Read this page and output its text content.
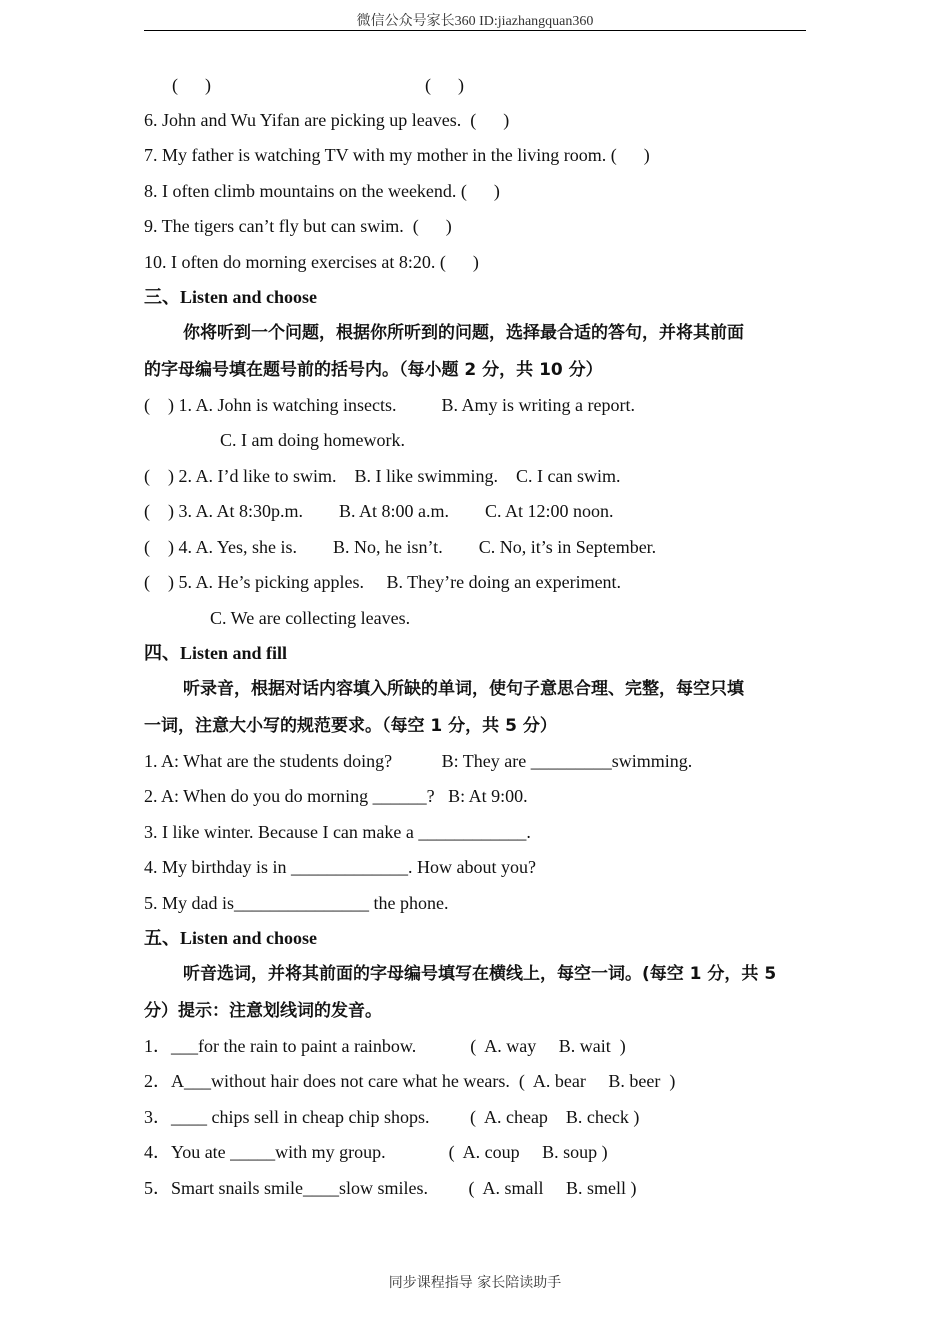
微信公众号家长360 ID:jiazhangquan360
(      )	(      )
6. John and Wu Yifan are picking up leaves.  (      )
7. My father is watching TV with my mother in the living room. (      )
8. I often climb mountains on the weekend. (      )
9. The tigers can’t fly but can swim.  (      )
10. I often do morning exercises at 8:20. (      )
三、Listen and choose
你将听到一个问题，根据你所听到的问题，选择最合适的答句，并将其前面
的字母编号填在题号前的括号内。（每小题 2 分，共 10 分）
(    ) 1. A. John is watching insects.          B. Amy is writing a report.
C. I am doing homework.
(    ) 2. A. I’d like to swim.    B. I like swimming.    C. I can swim.
(    ) 3. A. At 8:30p.m.        B. At 8:00 a.m.        C. At 12:00 noon.
(    ) 4. A. Yes, she is.        B. No, he isn’t.        C. No, it’s in September.
(    ) 5. A. He’s picking apples.     B. They’re doing an experiment.
C. We are collecting leaves.
四、Listen and fill
听录音，根据对话内容填入所缺的单词，使句子意思合理、完整，每空只填
一词，注意大小写的规范要求。（每空 1 分，共 5 分）
1. A: What are the students doing?           B: They are _________swimming.
2. A: When do you do morning ______?   B: At 9:00.
3. I like winter. Because I can make a ____________.
4. My birthday is in _____________. How about you?
5. My dad is_______________ the phone.
五、Listen and choose
听音选词，并将其前面的字母编号填写在横线上，每空一词。(每空 1 分，共 5
分）提示：注意划线词的发音。
1．___for the rain to paint a rainbow.            (  A. way     B. wait  )
2．A___without hair does not care what he wears.  (  A. bear     B. beer  )
3．____ chips sell in cheap chip shops.         (  A. cheap    B. check )
4．You ate _____with my group.              (  A. coup     B. soup )
5．Smart snails smile____slow smiles.         (  A. small     B. smell )
同步课程指导 家长陪读助手
